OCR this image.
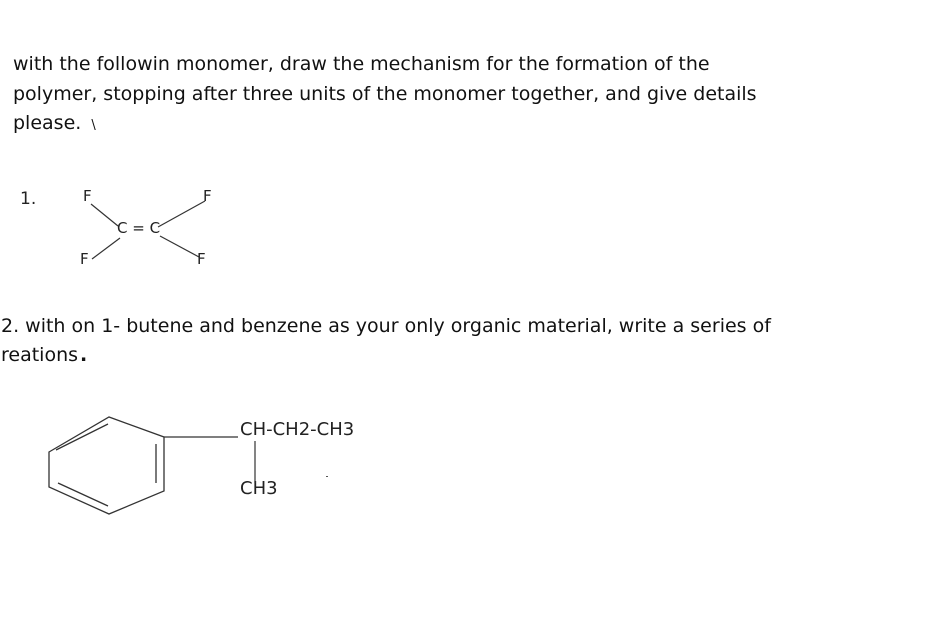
with the followin monomer, draw the mechanism for the formation of the
polymer, stopping after three units of the monomer together, and give details
please. \
1.	F	F
C = C
F	F
2. with on 1- butene and benzene as your only organic material, write a series of
reations .
CH-CH2-CH3
CH3
